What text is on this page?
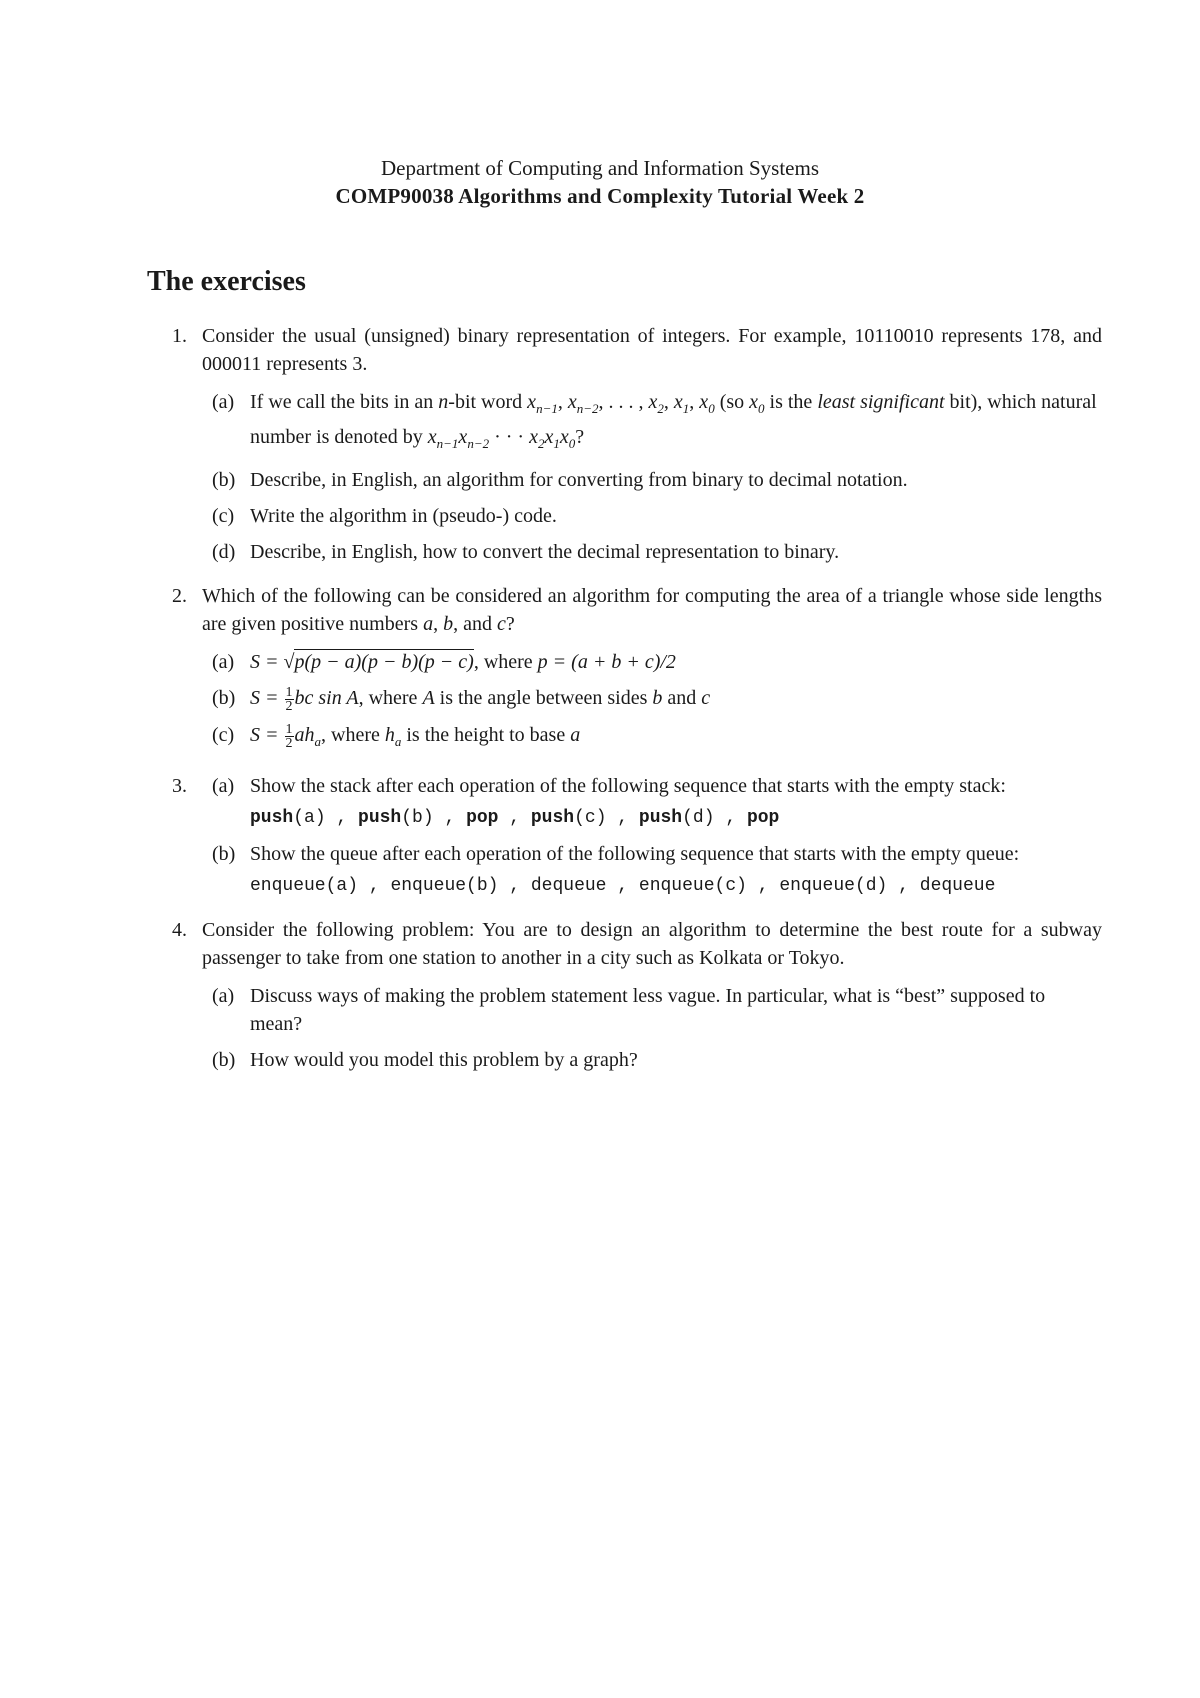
Department of Computing and Information Systems
COMP90038 Algorithms and Complexity Tutorial Week 2
The exercises
1. Consider the usual (unsigned) binary representation of integers. For example, 10110010 represents 178, and 000011 represents 3.
(a) If we call the bits in an n-bit word $x_{n-1}$, $x_{n-2}$, . . . , $x_2$, $x_1$, $x_0$ (so $x_0$ is the least significant bit), which natural number is denoted by $x_{n-1}x_{n-2}$ · · · $x_2x_1x_0$?
(b) Describe, in English, an algorithm for converting from binary to decimal notation.
(c) Write the algorithm in (pseudo-) code.
(d) Describe, in English, how to convert the decimal representation to binary.
2. Which of the following can be considered an algorithm for computing the area of a triangle whose side lengths are given positive numbers a, b, and c?
(a) S = √p(p − a)(p − b)(p − c), where p = (a + b + c)/2
(b) $S = \frac{1}{2}$ bc sin A, where A is the angle between sides b and c
(c) $S = \frac{1}{2} ah_a$, where $h_a$ is the height to base a
3. (a) Show the stack after each operation of the following sequence that starts with the empty stack:
push(a) , push(b) , pop , push(c) , push(d) , pop
(b) Show the queue after each operation of the following sequence that starts with the empty queue:
enqueue(a) , enqueue(b) , dequeue , enqueue(c) , enqueue(d) , dequeue
4. Consider the following problem: You are to design an algorithm to determine the best route for a subway passenger to take from one station to another in a city such as Kolkata or Tokyo.
(a) Discuss ways of making the problem statement less vague. In particular, what is “best” supposed to mean?
(b) How would you model this problem by a graph?
